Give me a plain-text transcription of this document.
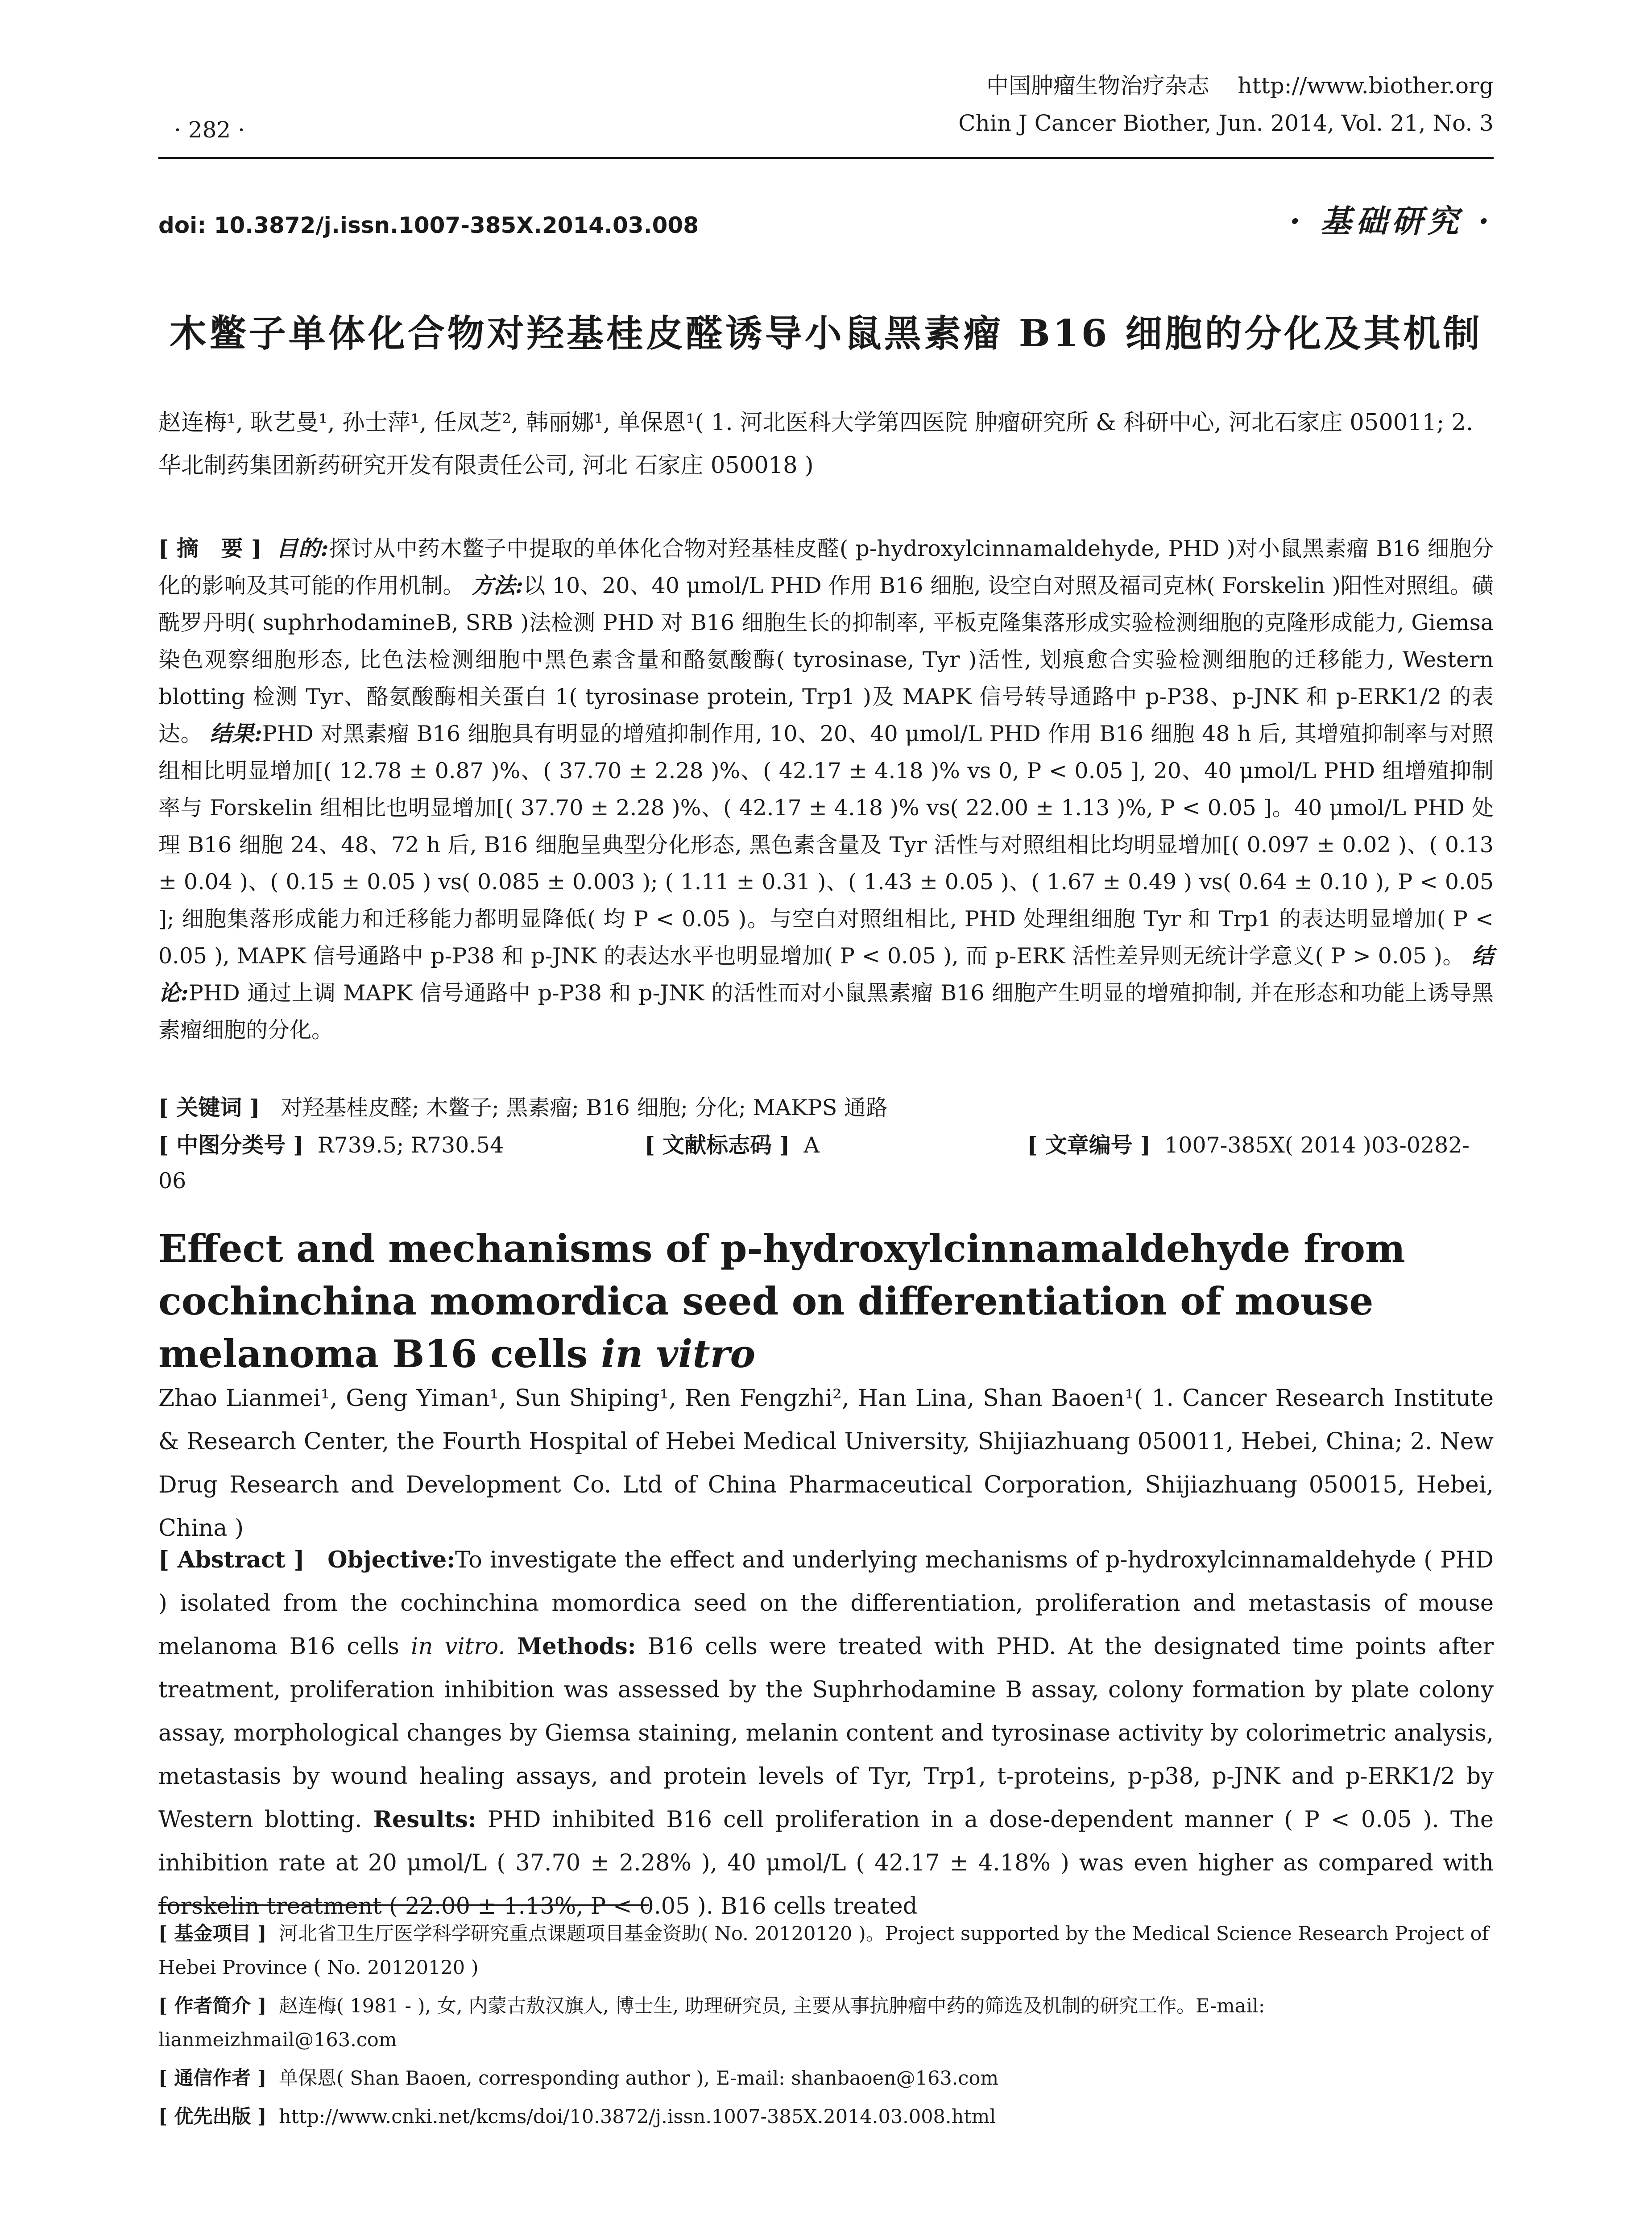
中国肿瘤生物治疗杂志 http://www.biother.org
Chin J Cancer Biother, Jun. 2014, Vol. 21, No. 3
· 282 ·
doi: 10.3872/j.issn.1007-385X.2014.03.008	· 基础研究 ·
木鳖子单体化合物对羟基桂皮醛诱导小鼠黑素瘤 B16 细胞的分化及其机制
赵连梅¹, 耿艺曼¹, 孙士萍¹, 任凤芝², 韩丽娜¹, 单保恩¹( 1. 河北医科大学第四医院 肿瘤研究所 & 科研中心, 河北石家庄 050011; 2. 华北制药集团新药研究开发有限责任公司, 河北 石家庄 050018 )

[ 摘　要 ] 目的:探讨从中药木鳖子中提取的单体化合物对羟基桂皮醛( p-hydroxylcinnamaldehyde, PHD )对小鼠黑素瘤 B16 细胞分化的影响及其可能的作用机制。 方法:以 10、20、40 μmol/L PHD 作用 B16 细胞, 设空白对照及福司克林( Forskelin )阳性对照组。磺酰罗丹明( suphrhodamineB, SRB )法检测 PHD 对 B16 细胞生长的抑制率, 平板克隆集落形成实验检测细胞的克隆形成能力, Giemsa 染色观察细胞形态, 比色法检测细胞中黑色素含量和酪氨酸酶( tyrosinase, Tyr )活性, 划痕愈合实验检测细胞的迁移能力, Western blotting 检测 Tyr、酪氨酸酶相关蛋白 1( tyrosinase protein, Trp1 )及 MAPK 信号转导通路中 p-P38、p-JNK 和 p-ERK1/2 的表达。 结果:PHD 对黑素瘤 B16 细胞具有明显的增殖抑制作用, 10、20、40 μmol/L PHD 作用 B16 细胞 48 h 后, 其增殖抑制率与对照组相比明显增加[( 12.78 ± 0.87 )%、( 37.70 ± 2.28 )%、( 42.17 ± 4.18 )% vs 0, P < 0.05 ], 20、40 μmol/L PHD 组增殖抑制率与 Forskelin 组相比也明显增加[( 37.70 ± 2.28 )%、( 42.17 ± 4.18 )% vs( 22.00 ± 1.13 )%, P < 0.05 ]。40 μmol/L PHD 处理 B16 细胞 24、48、72 h 后, B16 细胞呈典型分化形态, 黑色素含量及 Tyr 活性与对照组相比均明显增加[( 0.097 ± 0.02 )、( 0.13 ± 0.04 )、( 0.15 ± 0.05 ) vs( 0.085 ± 0.003 ); ( 1.11 ± 0.31 )、( 1.43 ± 0.05 )、( 1.67 ± 0.49 ) vs( 0.64 ± 0.10 ), P < 0.05 ]; 细胞集落形成能力和迁移能力都明显降低( 均 P < 0.05 )。与空白对照组相比, PHD 处理组细胞 Tyr 和 Trp1 的表达明显增加( P < 0.05 ), MAPK 信号通路中 p-P38 和 p-JNK 的表达水平也明显增加( P < 0.05 ), 而 p-ERK 活性差异则无统计学意义( P > 0.05 )。 结论:PHD 通过上调 MAPK 信号通路中 p-P38 和 p-JNK 的活性而对小鼠黑素瘤 B16 细胞产生明显的增殖抑制, 并在形态和功能上诱导黑素瘤细胞的分化。

[ 关键词 ] 对羟基桂皮醛; 木鳖子; 黑素瘤; B16 细胞; 分化; MAKPS 通路
[ 中图分类号 ] R739.5; R730.54	[ 文献标志码 ] A	[ 文章编号 ] 1007-385X( 2014 )03-0282-06
Effect and mechanisms of p-hydroxylcinnamaldehyde from cochinchina momordica seed on differentiation of mouse melanoma B16 cells in vitro
Zhao Lianmei¹, Geng Yiman¹, Sun Shiping¹, Ren Fengzhi², Han Lina, Shan Baoen¹( 1. Cancer Research Institute & Research Center, the Fourth Hospital of Hebei Medical University, Shijiazhuang 050011, Hebei, China; 2. New Drug Research and Development Co. Ltd of China Pharmaceutical Corporation, Shijiazhuang 050015, Hebei, China )

[ Abstract ] Objective:To investigate the effect and underlying mechanisms of p-hydroxylcinnamaldehyde ( PHD ) isolated from the cochinchina momordica seed on the differentiation, proliferation and metastasis of mouse melanoma B16 cells in vitro. Methods: B16 cells were treated with PHD. At the designated time points after treatment, proliferation inhibition was assessed by the Suphrhodamine B assay, colony formation by plate colony assay, morphological changes by Giemsa staining, melanin content and tyrosinase activity by colorimetric analysis, metastasis by wound healing assays, and protein levels of Tyr, Trp1, t-proteins, p-p38, p-JNK and p-ERK1/2 by Western blotting. Results: PHD inhibited B16 cell proliferation in a dose-dependent manner ( P < 0.05 ). The inhibition rate at 20 μmol/L ( 37.70 ± 2.28% ), 40 μmol/L ( 42.17 ± 4.18% ) was even higher as compared with forskelin treatment ( 22.00 ± 1.13%, P < 0.05 ). B16 cells treated

[ 基金项目 ] 河北省卫生厅医学科学研究重点课题项目基金资助( No. 20120120 )。Project supported by the Medical Science Research Project of Hebei Province ( No. 20120120 )

[ 作者简介 ] 赵连梅( 1981 - ), 女, 内蒙古敖汉旗人, 博士生, 助理研究员, 主要从事抗肿瘤中药的筛选及机制的研究工作。E-mail: lianmeizhmail@163.com

[ 通信作者 ] 单保恩( Shan Baoen, corresponding author ), E-mail: shanbaoen@163.com

[ 优先出版 ] http://www.cnki.net/kcms/doi/10.3872/j.issn.1007-385X.2014.03.008.html
